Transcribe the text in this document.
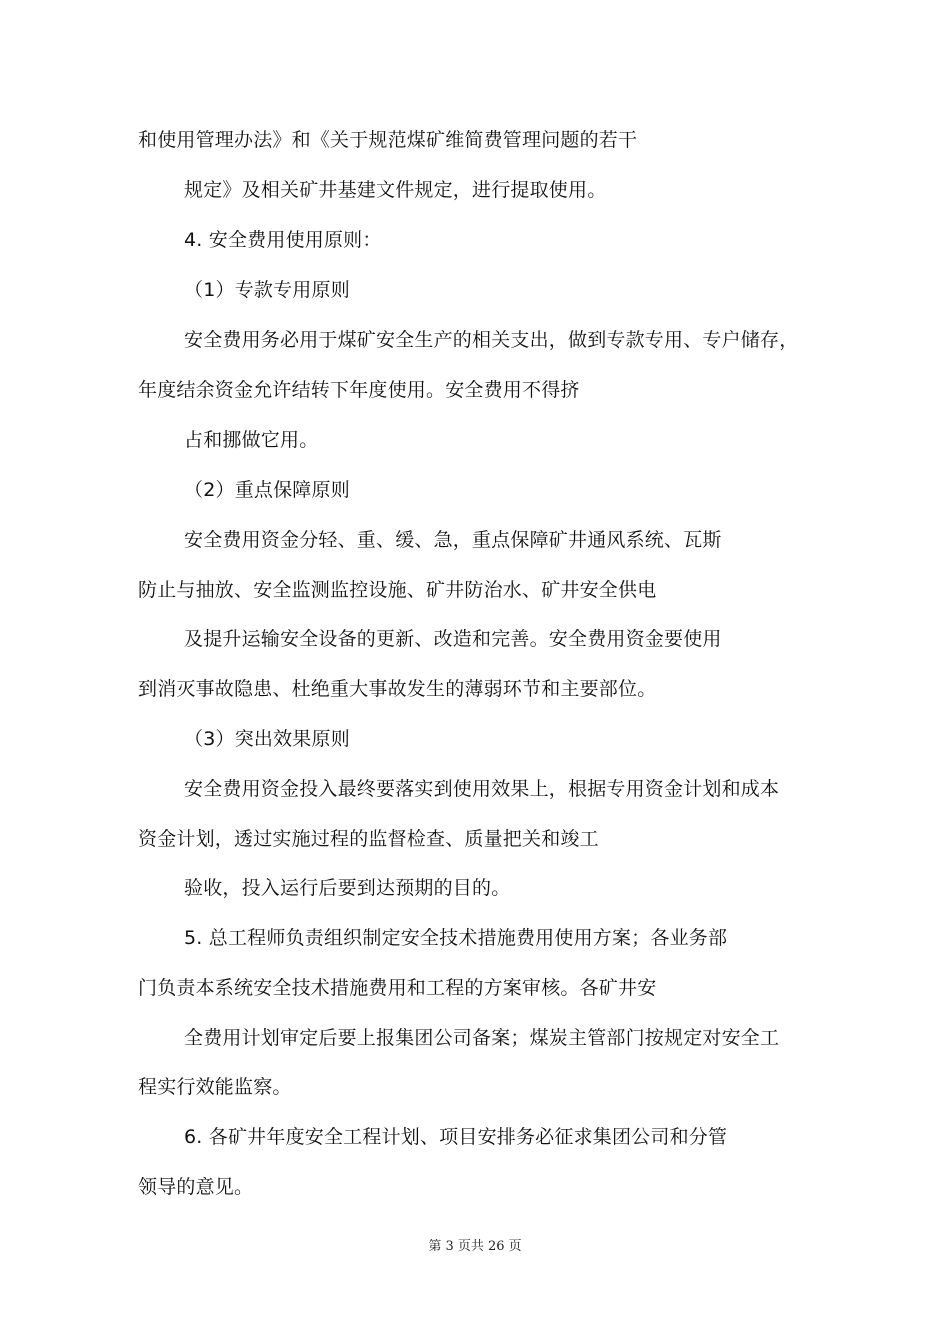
和使用管理办法》和《关于规范煤矿维简费管理问题的若干
规定》及相关矿井基建文件规定，进行提取使用。
4. 安全费用使用原则：
（1）专款专用原则
安全费用务必用于煤矿安全生产的相关支出，做到专款专用、专户储存，
年度结余资金允许结转下年度使用。安全费用不得挤
占和挪做它用。
（2）重点保障原则
安全费用资金分轻、重、缓、急，重点保障矿井通风系统、瓦斯
防止与抽放、安全监测监控设施、矿井防治水、矿井安全供电
及提升运输安全设备的更新、改造和完善。安全费用资金要使用
到消灭事故隐患、杜绝重大事故发生的薄弱环节和主要部位。
（3）突出效果原则
安全费用资金投入最终要落实到使用效果上，根据专用资金计划和成本
资金计划，透过实施过程的监督检查、质量把关和竣工
验收，投入运行后要到达预期的目的。
5. 总工程师负责组织制定安全技术措施费用使用方案；各业务部
门负责本系统安全技术措施费用和工程的方案审核。各矿井安
全费用计划审定后要上报集团公司备案；煤炭主管部门按规定对安全工
程实行效能监察。
6. 各矿井年度安全工程计划、项目安排务必征求集团公司和分管
领导的意见。
第 3 页共 26 页
